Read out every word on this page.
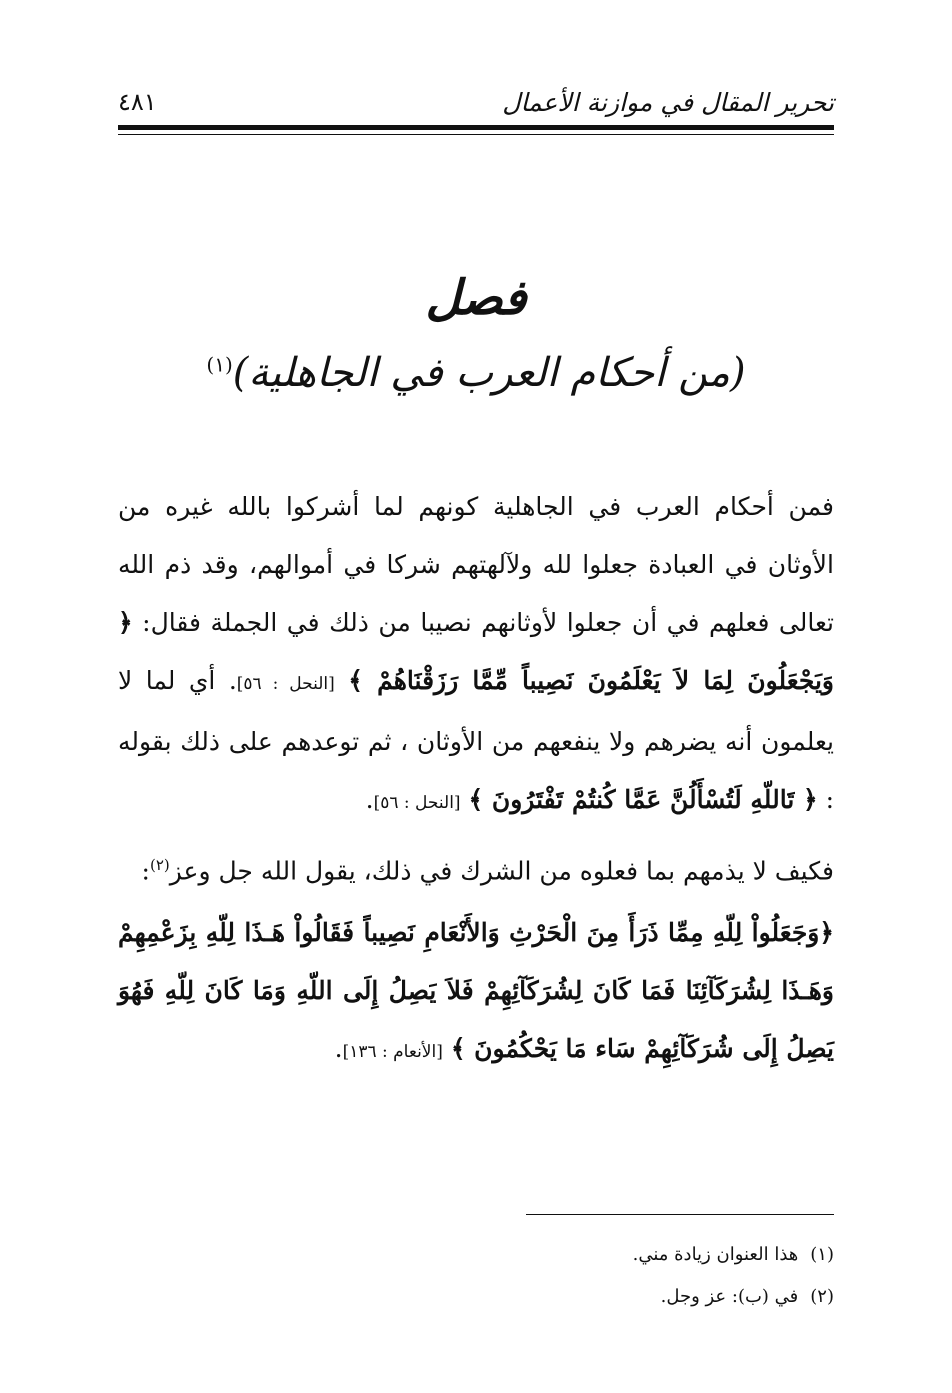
تحرير المقال في موازنة الأعمال
٤٨١
فصل
(من أحكام العرب في الجاهلية)$^{(١)}$

فمن أحكام العرب في الجاهلية كونهم لما أشركوا بالله غيره من الأوثان في العبادة جعلوا لله ولآلهتهم شركا في أموالهم، وقد ذم الله تعالى فعلهم في أن جعلوا لأوثانهم نصيبا من ذلك في الجملة فقال: ﴿ وَيَجْعَلُونَ لِمَا لاَ يَعْلَمُونَ نَصِيباً مِّمَّا رَزَقْنَاهُمْ ﴾ [النحل : ٥٦]. أي لما لا يعلمون أنه يضرهم ولا ينفعهم من الأوثان ، ثم توعدهم على ذلك بقوله : ﴿ تَاللّهِ لَتُسْأَلُنَّ عَمَّا كُنتُمْ تَفْتَرُونَ ﴾ [النحل : ٥٦].

فكيف لا يذمهم بما فعلوه من الشرك في ذلك، يقول الله جل وعز$^{(٢)}$:

﴿وَجَعَلُواْ لِلّهِ مِمِّا ذَرَأَ مِنَ الْحَرْثِ وَالأَنْعَامِ نَصِيباً فَقَالُواْ هَـذَا لِلّهِ بِزَعْمِهِمْ وَهَـذَا لِشُرَكَآئِنَا فَمَا كَانَ لِشُرَكَآئِهِمْ فَلاَ يَصِلُ إِلَى اللّهِ وَمَا كَانَ لِلّهِ فَهُوَ يَصِلُ إِلَى شُرَكَآئِهِمْ سَاء مَا يَحْكُمُونَ ﴾ [الأنعام : ١٣٦].

(١)هذا العنوان زيادة مني.
(٢)في (ب): عز وجل.
